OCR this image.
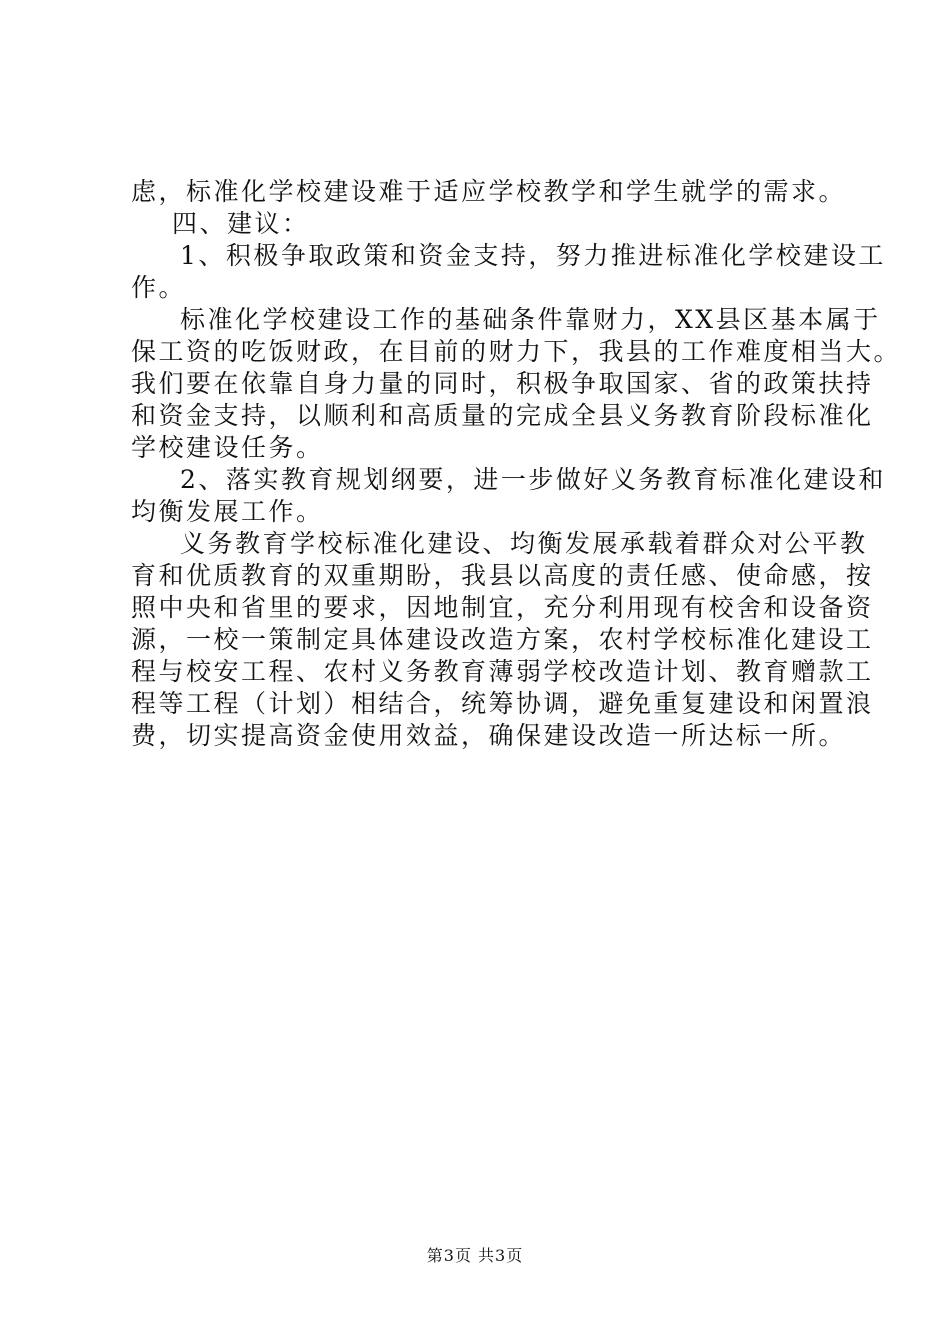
虑，标准化学校建设难于适应学校教学和学生就学的需求。
四、建议：
1、积极争取政策和资金支持，努力推进标准化学校建设工
作。
标准化学校建设工作的基础条件靠财力，XX县区基本属于
保工资的吃饭财政，在目前的财力下，我县的工作难度相当大。
我们要在依靠自身力量的同时，积极争取国家、省的政策扶持
和资金支持，以顺利和高质量的完成全县义务教育阶段标准化
学校建设任务。
2、落实教育规划纲要，进一步做好义务教育标准化建设和
均衡发展工作。
义务教育学校标准化建设、均衡发展承载着群众对公平教
育和优质教育的双重期盼，我县以高度的责任感、使命感，按
照中央和省里的要求，因地制宜，充分利用现有校舍和设备资
源，一校一策制定具体建设改造方案，农村学校标准化建设工
程与校安工程、农村义务教育薄弱学校改造计划、教育赠款工
程等工程（计划）相结合，统筹协调，避免重复建设和闲置浪
费，切实提高资金使用效益，确保建设改造一所达标一所。
第3页 共3页
